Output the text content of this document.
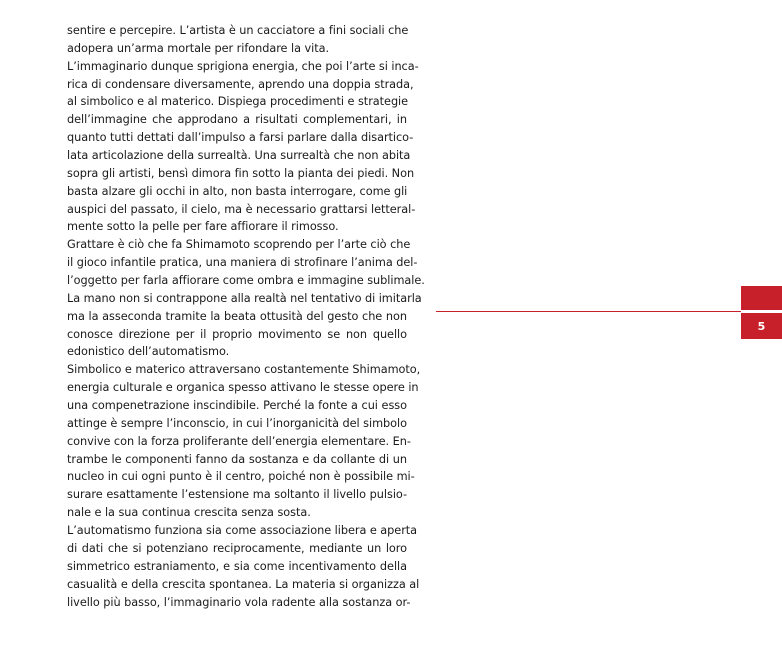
sentire e percepire. L’artista è un cacciatore a fini sociali che
adopera un’arma mortale per rifondare la vita.
L’immaginario dunque sprigiona energia, che poi l’arte si inca-
rica di condensare diversamente, aprendo una doppia strada,
al simbolico e al materico. Dispiega procedimenti e strategie
dell’immagine che approdano a risultati complementari, in
quanto tutti dettati dall’impulso a farsi parlare dalla disartico-
lata articolazione della surrealtà. Una surrealtà che non abita
sopra gli artisti, bensì dimora fin sotto la pianta dei piedi. Non
basta alzare gli occhi in alto, non basta interrogare, come gli
auspici del passato, il cielo, ma è necessario grattarsi letteral-
mente sotto la pelle per fare affiorare il rimosso.
Grattare è ciò che fa Shimamoto scoprendo per l’arte ciò che
il gioco infantile pratica, una maniera di strofinare l’anima del-
l’oggetto per farla affiorare come ombra e immagine sublimale.
La mano non si contrappone alla realtà nel tentativo di imitarla
ma la asseconda tramite la beata ottusità del gesto che non
conosce direzione per il proprio movimento se non quello
edonistico dell’automatismo.
Simbolico e materico attraversano costantemente Shimamoto,
energia culturale e organica spesso attivano le stesse opere in
una compenetrazione inscindibile. Perché la fonte a cui esso
attinge è sempre l’inconscio, in cui l’inorganicità del simbolo
convive con la forza proliferante dell’energia elementare. En-
trambe le componenti fanno da sostanza e da collante di un
nucleo in cui ogni punto è il centro, poiché non è possibile mi-
surare esattamente l’estensione ma soltanto il livello pulsio-
nale e la sua continua crescita senza sosta.
L’automatismo funziona sia come associazione libera e aperta
di dati che si potenziano reciprocamente, mediante un loro
simmetrico estraniamento, e sia come incentivamento della
casualità e della crescita spontanea. La materia si organizza al
livello più basso, l’immaginario vola radente alla sostanza or-
5
